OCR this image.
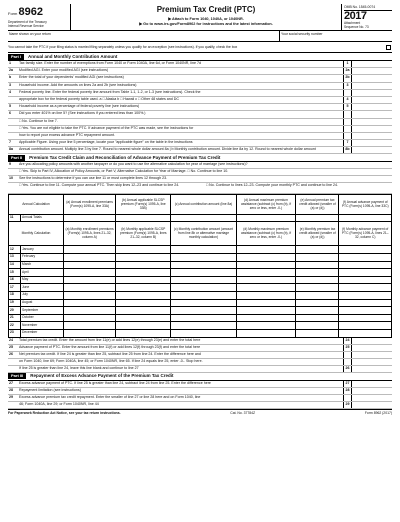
Form 8962
Department of the Treasury
Internal Revenue Service
Premium Tax Credit (PTC)
▶ Attach to Form 1040, 1040A, or 1040NR.
▶ Go to www.irs.gov/Form8962 for instructions and the latest information.
OMB No. 1545-0074
2017
Attachment
Sequence No. 73
Name shown on your return	Your social security number
You cannot take the PTC if your filing status is married filing separately unless you qualify for an exception (see instructions). If you qualify, check the box
Part I	Annual and Monthly Contribution Amount
1	Tax family size. Enter the number of exemptions from Form 1040 or Form 1040A, line 6d, or Form 1040NR, line 7d	1
2a	Modified AGI. Enter your modified AGI (see instructions)	2a
b	Enter the total of your dependents' modified AGI (see instructions)	2b
3	Household income. Add the amounts on lines 2a and 2b (see instructions)	3
4	Federal poverty line. Enter the federal poverty line amount from Table 1-1, 1-2, or 1-3 (see instructions). Check the
appropriate box for the federal poverty table used. a □ Alaska b □ Hawaii c □ Other 48 states and DC	4
5	Household income as a percentage of federal poverty line (see instructions)	5
6	Did you enter 401% on line 5? (See instructions if you entered less than 100%.)
□ No. Continue to line 7.
□ Yes. You are not eligible to take the PTC. If advance payment of the PTC was made, see the instructions for
how to report your excess advance PTC repayment amount.
7	Applicable Figure. Using your line 5 percentage, locate your "applicable figure" on the table in the instructions	7
8a	Annual contribution amount. Multiply line 3 by line 7. Round to nearest whole dollar amount 8a | b Monthly contribution amount. Divide line 8a by 12. Round to nearest whole dollar amount	8b
Part II	Premium Tax Credit Claim and Reconciliation of Advance Payment of Premium Tax Credit
9	Are you allocating policy amounts with another taxpayer or do you want to use the alternative calculation for year of marriage (see instructions)?
□ Yes. Skip to Part IV, Allocation of Policy Amounts, or Part V, Alternative Calculation for Year of Marriage. □ No. Continue to line 10.
10	See the instructions to determine if you can use line 11 or must complete lines 12 through 23.
□ Yes. Continue to line 11. Compute your annual PTC. Then skip lines 12–23 and continue to line 24.	□ No. Continue to lines 12–23. Compute your monthly PTC and continue to line 24.
Annual Calculation		(a) Annual enrollment premiums (Form(s) 1095-A, line 33A)	(b) Annual applicable SLCSP premium (Form(s) 1095-A, line 33B)	(c) Annual contribution amount (line 8a)	(d) Annual maximum premium assistance (subtract (c) from (b), if zero or less, enter -0-)	(e) Annual premium tax credit allowed (smaller of (a) or (d))	(f) Annual advance payment of PTC (Form(s) 1095-A, line 33C)
11	Annual Totals						
Monthly Calculation		(a) Monthly enrollment premiums (Form(s) 1095-A, lines 21–32, column A)	(b) Monthly applicable SLCSP premium (Form(s) 1095-A, lines 21–32, column B)	(c) Monthly contribution amount (amount from line 8b or alternative marriage monthly calculation)	(d) Monthly maximum premium assistance (subtract (c) from (b), if zero or less, enter -0-)	(e) Monthly premium tax credit allowed (smaller of (a) or (d))	(f) Monthly advance payment of PTC (Form(s) 1095-A, lines 21–32, column C)
12	January						
13	February						
14	March						
15	April						
16	May						
17	June						
18	July						
19	August						
20	September						
21	October						
22	November						
23	December						
24	Total premium tax credit. Enter the amount from line 11(e) or add lines 12(e) through 23(e) and enter the total here	24
25	Advance payment of PTC. Enter the amount from line 11(f) or add lines 12(f) through 23(f) and enter the total here	25
26	Net premium tax credit. If line 24 is greater than line 25, subtract line 25 from line 24. Enter the difference here and
on Form 1040, line 69; Form 1040A, line 45; or Form 1040NR, line 65. If line 24 equals line 25, enter -0-. Stop here.
If line 25 is greater than line 24, leave this line blank and continue to line 27	26
Part III	Repayment of Excess Advance Payment of the Premium Tax Credit
27	Excess advance payment of PTC. If line 25 is greater than line 24, subtract line 24 from line 25. Enter the difference here	27
28	Repayment limitation (see instructions)	28
29	Excess advance premium tax credit repayment. Enter the smaller of line 27 or line 28 here and on Form 1040, line
46; Form 1040A, line 29; or Form 1040NR, line 44	29
For Paperwork Reduction Act Notice, see your tax return instructions.	Cat. No. 37784Z	Form 8962 (2017)
